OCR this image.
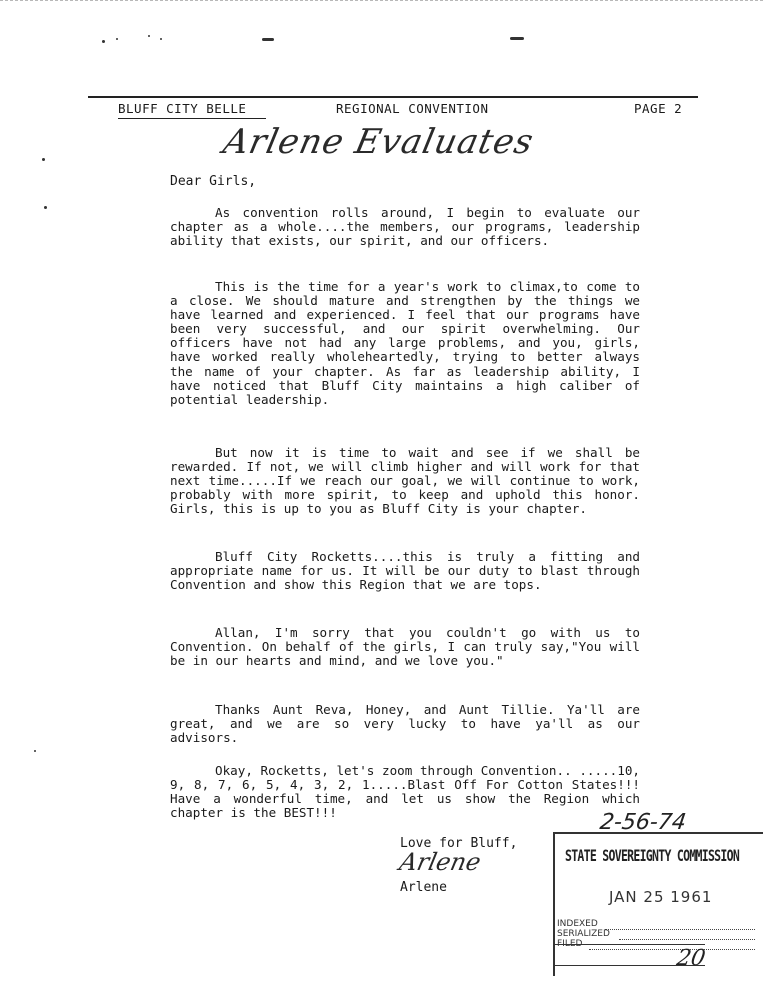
BLUFF CITY BELLE	REGIONAL CONVENTION	PAGE 2
Arlene Evaluates
Dear Girls,

As convention rolls around, I begin to evaluate our chapter as a whole....the members, our programs, leadership ability that exists, our spirit, and our officers.

This is the time for a year's work to climax,to come to a close. We should mature and strengthen by the things we have learned and experienced. I feel that our programs have been very successful, and our spirit overwhelming. Our officers have not had any large problems, and you, girls, have worked really wholeheartedly, trying to better always the name of your chapter. As far as leadership ability, I have noticed that Bluff City maintains a high caliber of potential leadership.

But now it is time to wait and see if we shall be rewarded. If not, we will climb higher and will work for that next time.....If we reach our goal, we will continue to work, probably with more spirit, to keep and uphold this honor. Girls, this is up to you as Bluff City is your chapter.

Bluff City Rocketts....this is truly a fitting and appropriate name for us. It will be our duty to blast through Convention and show this Region that we are tops.

Allan, I'm sorry that you couldn't go with us to Convention. On behalf of the girls, I can truly say,"You will be in our hearts and mind, and we love you."

Thanks Aunt Reva, Honey, and Aunt Tillie. Ya'll are great, and we are so very lucky to have ya'll as our advisors.

Okay, Rocketts, let's zoom through Convention.. .....10, 9, 8, 7, 6, 5, 4, 3, 2, 1.....Blast Off For Cotton States!!! Have a wonderful time, and let us show the Region which chapter is the BEST!!!

Love for Bluff,
Arlene
Arlene
2-56-74
STATE SOVEREIGNTY COMMISSION
JAN 25 1961
INDEXED
SERIALIZED
FILED
20
